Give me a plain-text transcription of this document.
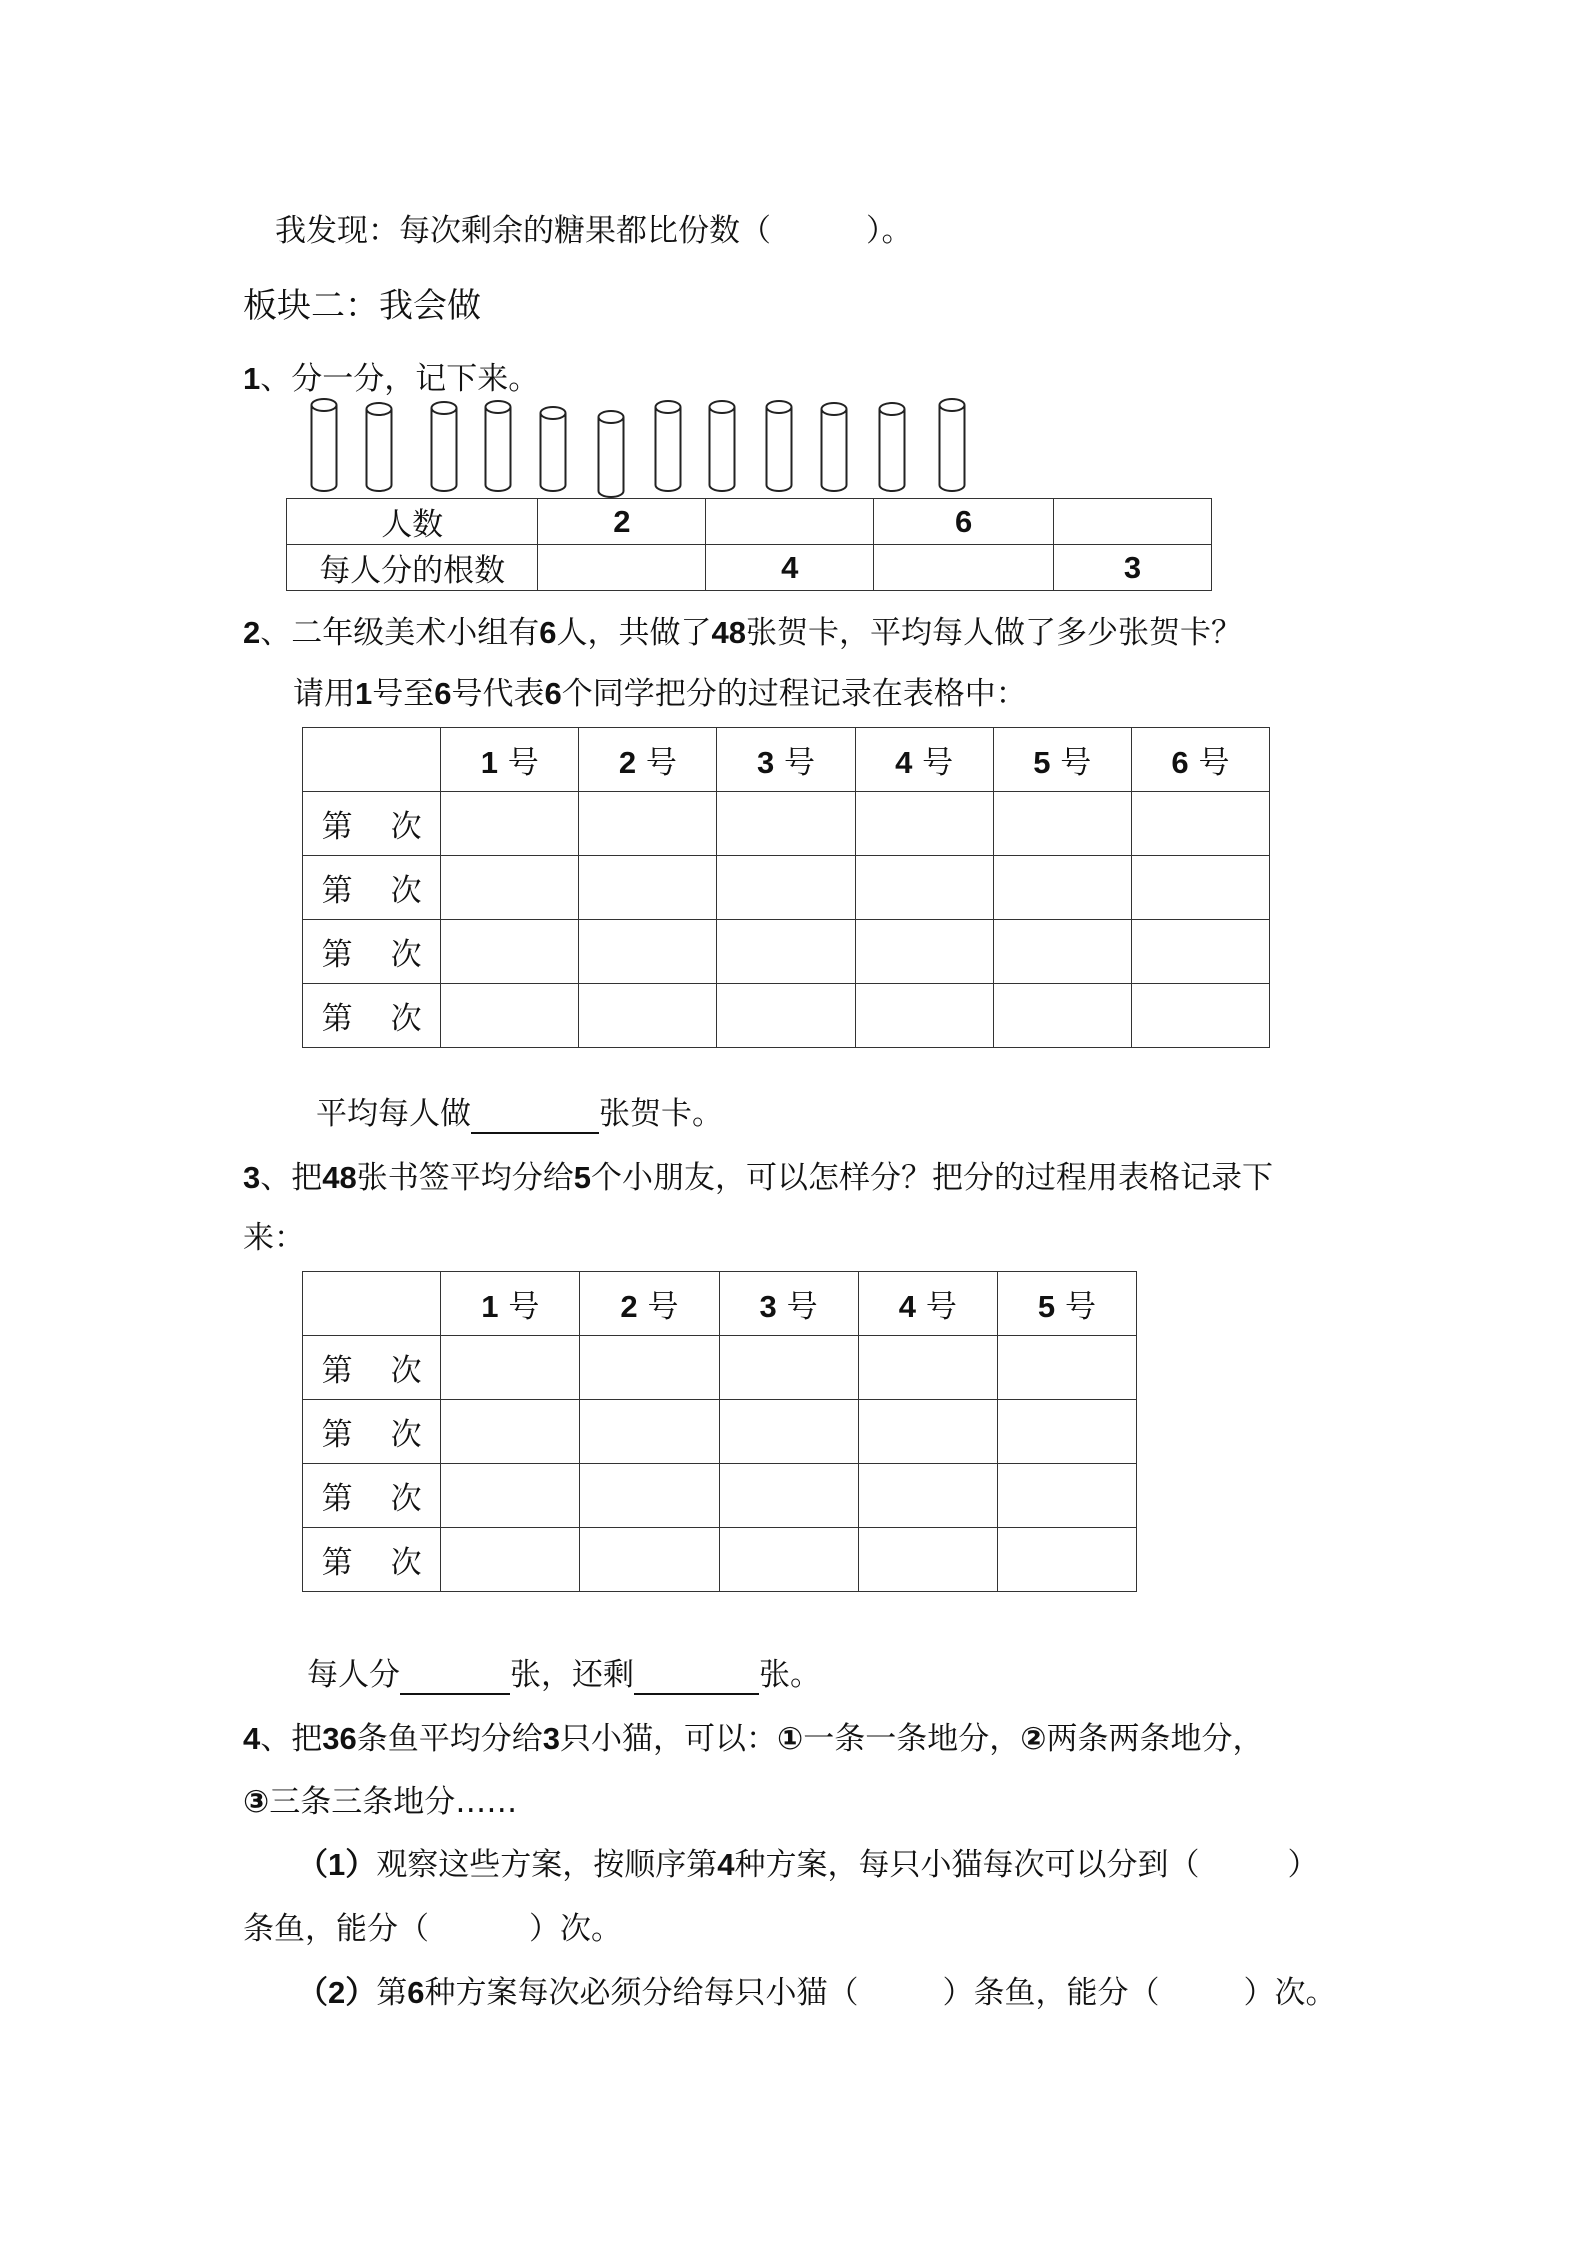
我发现：每次剩余的糖果都比份数（	）。
板块二：我会做
1、分一分，记下来。
人数	2		6	
每人分的根数		4		3
2、二年级美术小组有6人，共做了48张贺卡，平均每人做了多少张贺卡？
请用1号至6号代表6个同学把分的过程记录在表格中：
	1 号	2 号	3 号	4 号	5 号	6 号
第 次						
第 次						
第 次						
第 次						
平均每人做	张贺卡。
3、把48张书签平均分给5个小朋友，可以怎样分？把分的过程用表格记录下
来：
	1 号	2 号	3 号	4 号	5 号
第 次					
第 次					
第 次					
第 次					
每人分	张，还剩	张。
4、把36条鱼平均分给3只小猫，可以：①一条一条地分，②两条两条地分，
③三条三条地分……
（1）观察这些方案，按顺序第4种方案，每只小猫每次可以分到（	）
条鱼，能分（	）次。
（2）第6种方案每次必须分给每只小猫（	）条鱼，能分（	）次。
